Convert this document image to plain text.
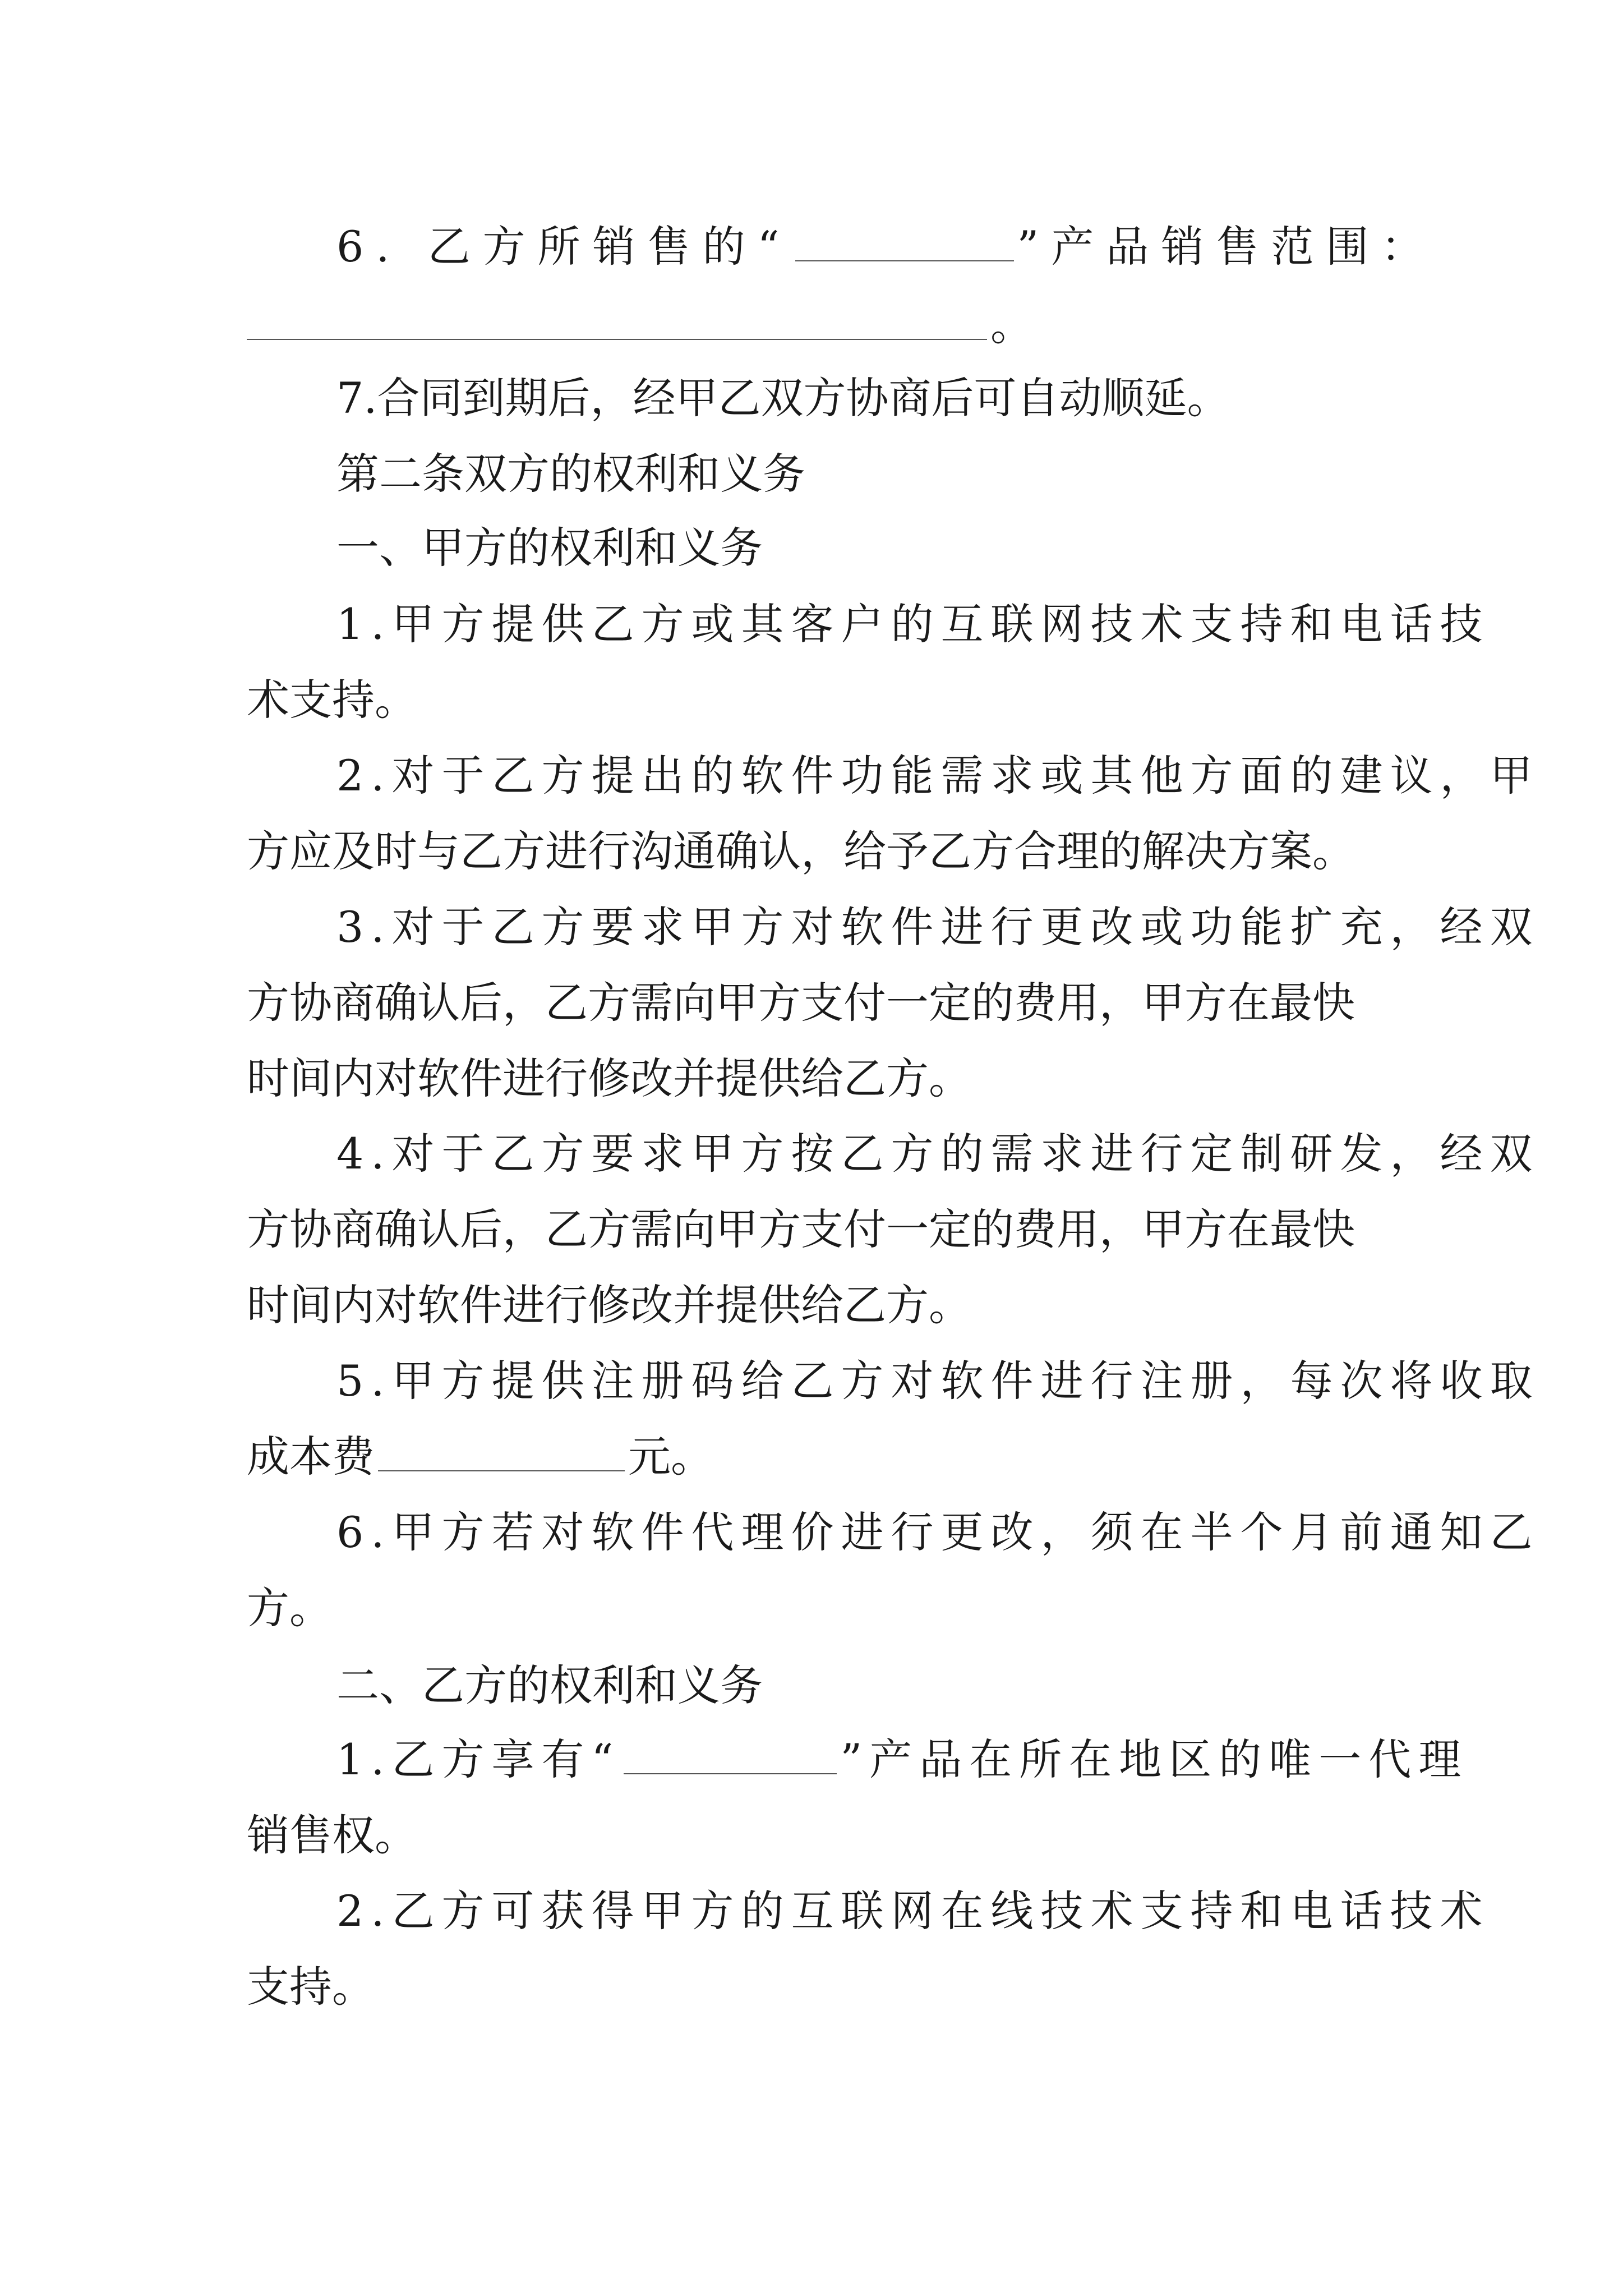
6. 乙方所销售的“	”产品销售范围：
。
7.合同到期后，经甲乙双方协商后可自动顺延。
第二条双方的权利和义务
一、甲方的权利和义务
1.甲方提供乙方或其客户的互联网技术支持和电话技
术支持。
2.对于乙方提出的软件功能需求或其他方面的建议，甲
方应及时与乙方进行沟通确认，给予乙方合理的解决方案。
3.对于乙方要求甲方对软件进行更改或功能扩充，经双
方协商确认后，乙方需向甲方支付一定的费用，甲方在最快
时间内对软件进行修改并提供给乙方。
4.对于乙方要求甲方按乙方的需求进行定制研发，经双
方协商确认后，乙方需向甲方支付一定的费用，甲方在最快
时间内对软件进行修改并提供给乙方。
5.甲方提供注册码给乙方对软件进行注册，每次将收取
成本费	元。
6.甲方若对软件代理价进行更改，须在半个月前通知乙
方。
二、乙方的权利和义务
1.乙方享有“	”产品在所在地区的唯一代理
销售权。
2.乙方可获得甲方的互联网在线技术支持和电话技术
支持。
